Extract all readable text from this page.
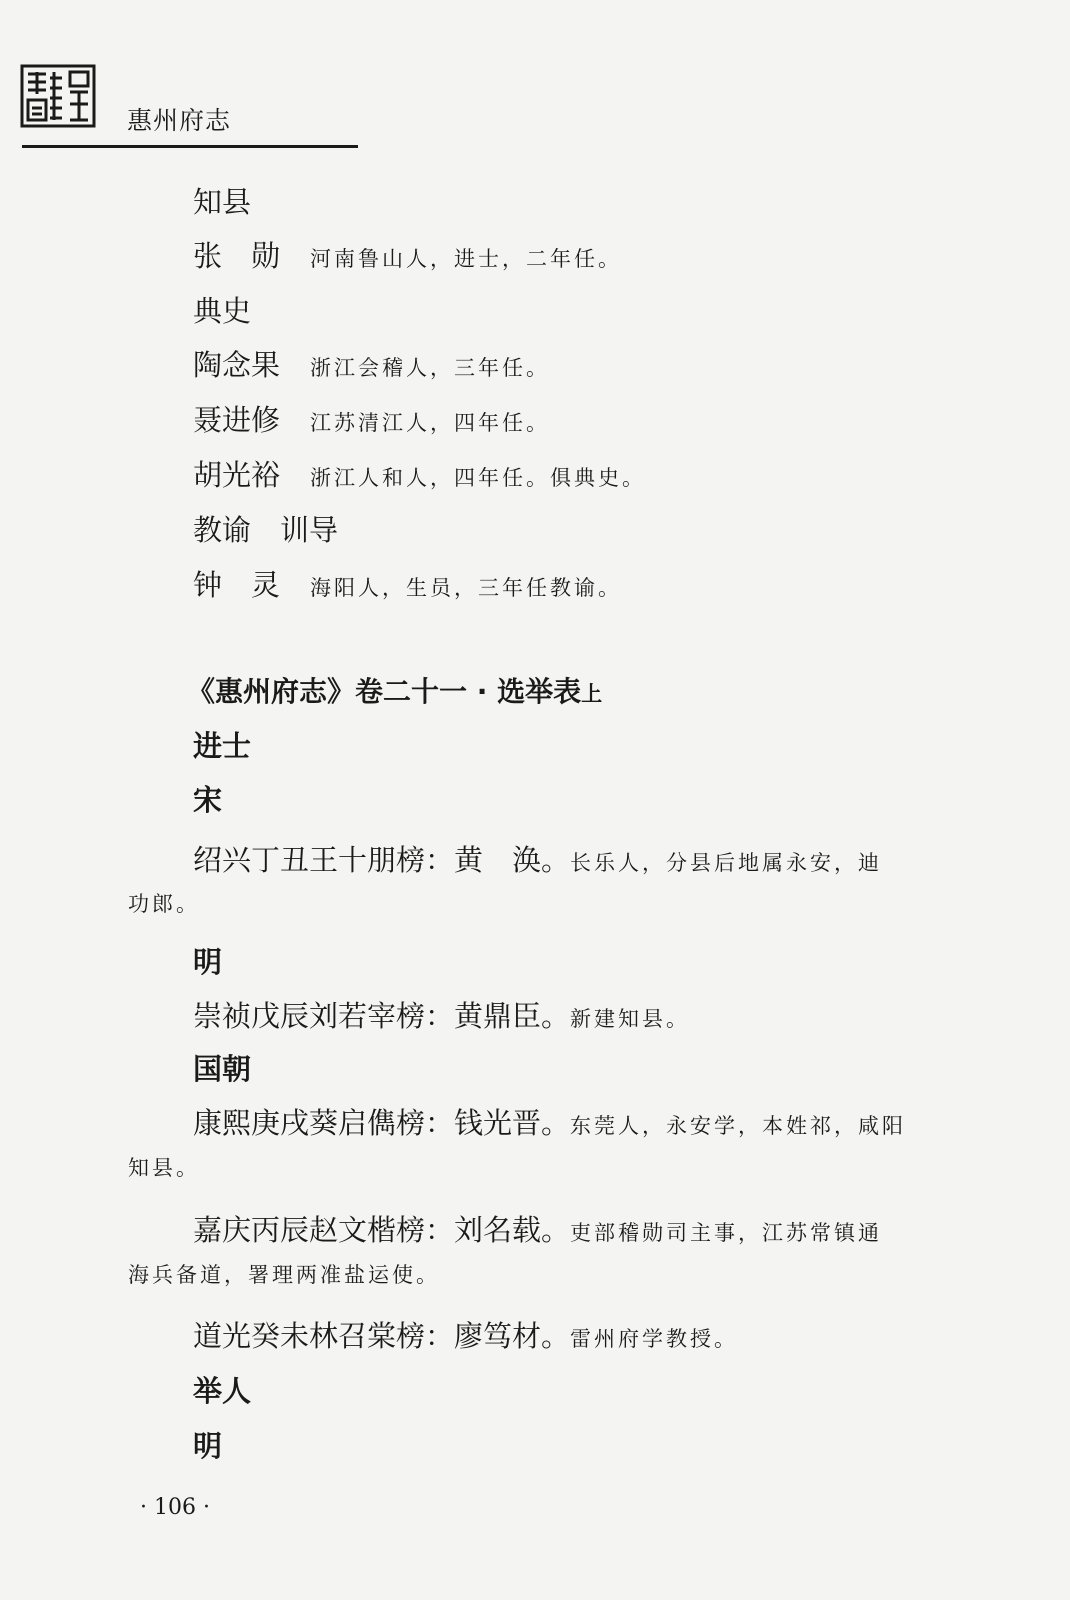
惠州府志
知县
张 勋 河南鲁山人，进士，二年任。
典史
陶念果 浙江会稽人，三年任。
聂进修 江苏清江人，四年任。
胡光裕 浙江人和人，四年任。俱典史。
教谕 训导
钟 灵 海阳人，生员，三年任教谕。
《惠州府志》卷二十一 · 选举表上
进士
宋
绍兴丁丑王十朋榜：黄 涣。长乐人，分县后地属永安，迪
功郎。
明
崇祯戊辰刘若宰榜：黄鼎臣。新建知县。
国朝
康熙庚戌葵启儁榜：钱光晋。东莞人，永安学，本姓祁，咸阳
知县。
嘉庆丙辰赵文楷榜：刘名载。吏部稽勋司主事，江苏常镇通
海兵备道，署理两准盐运使。
道光癸未林召棠榜：廖笃材。雷州府学教授。
举人
明
· 106 ·
